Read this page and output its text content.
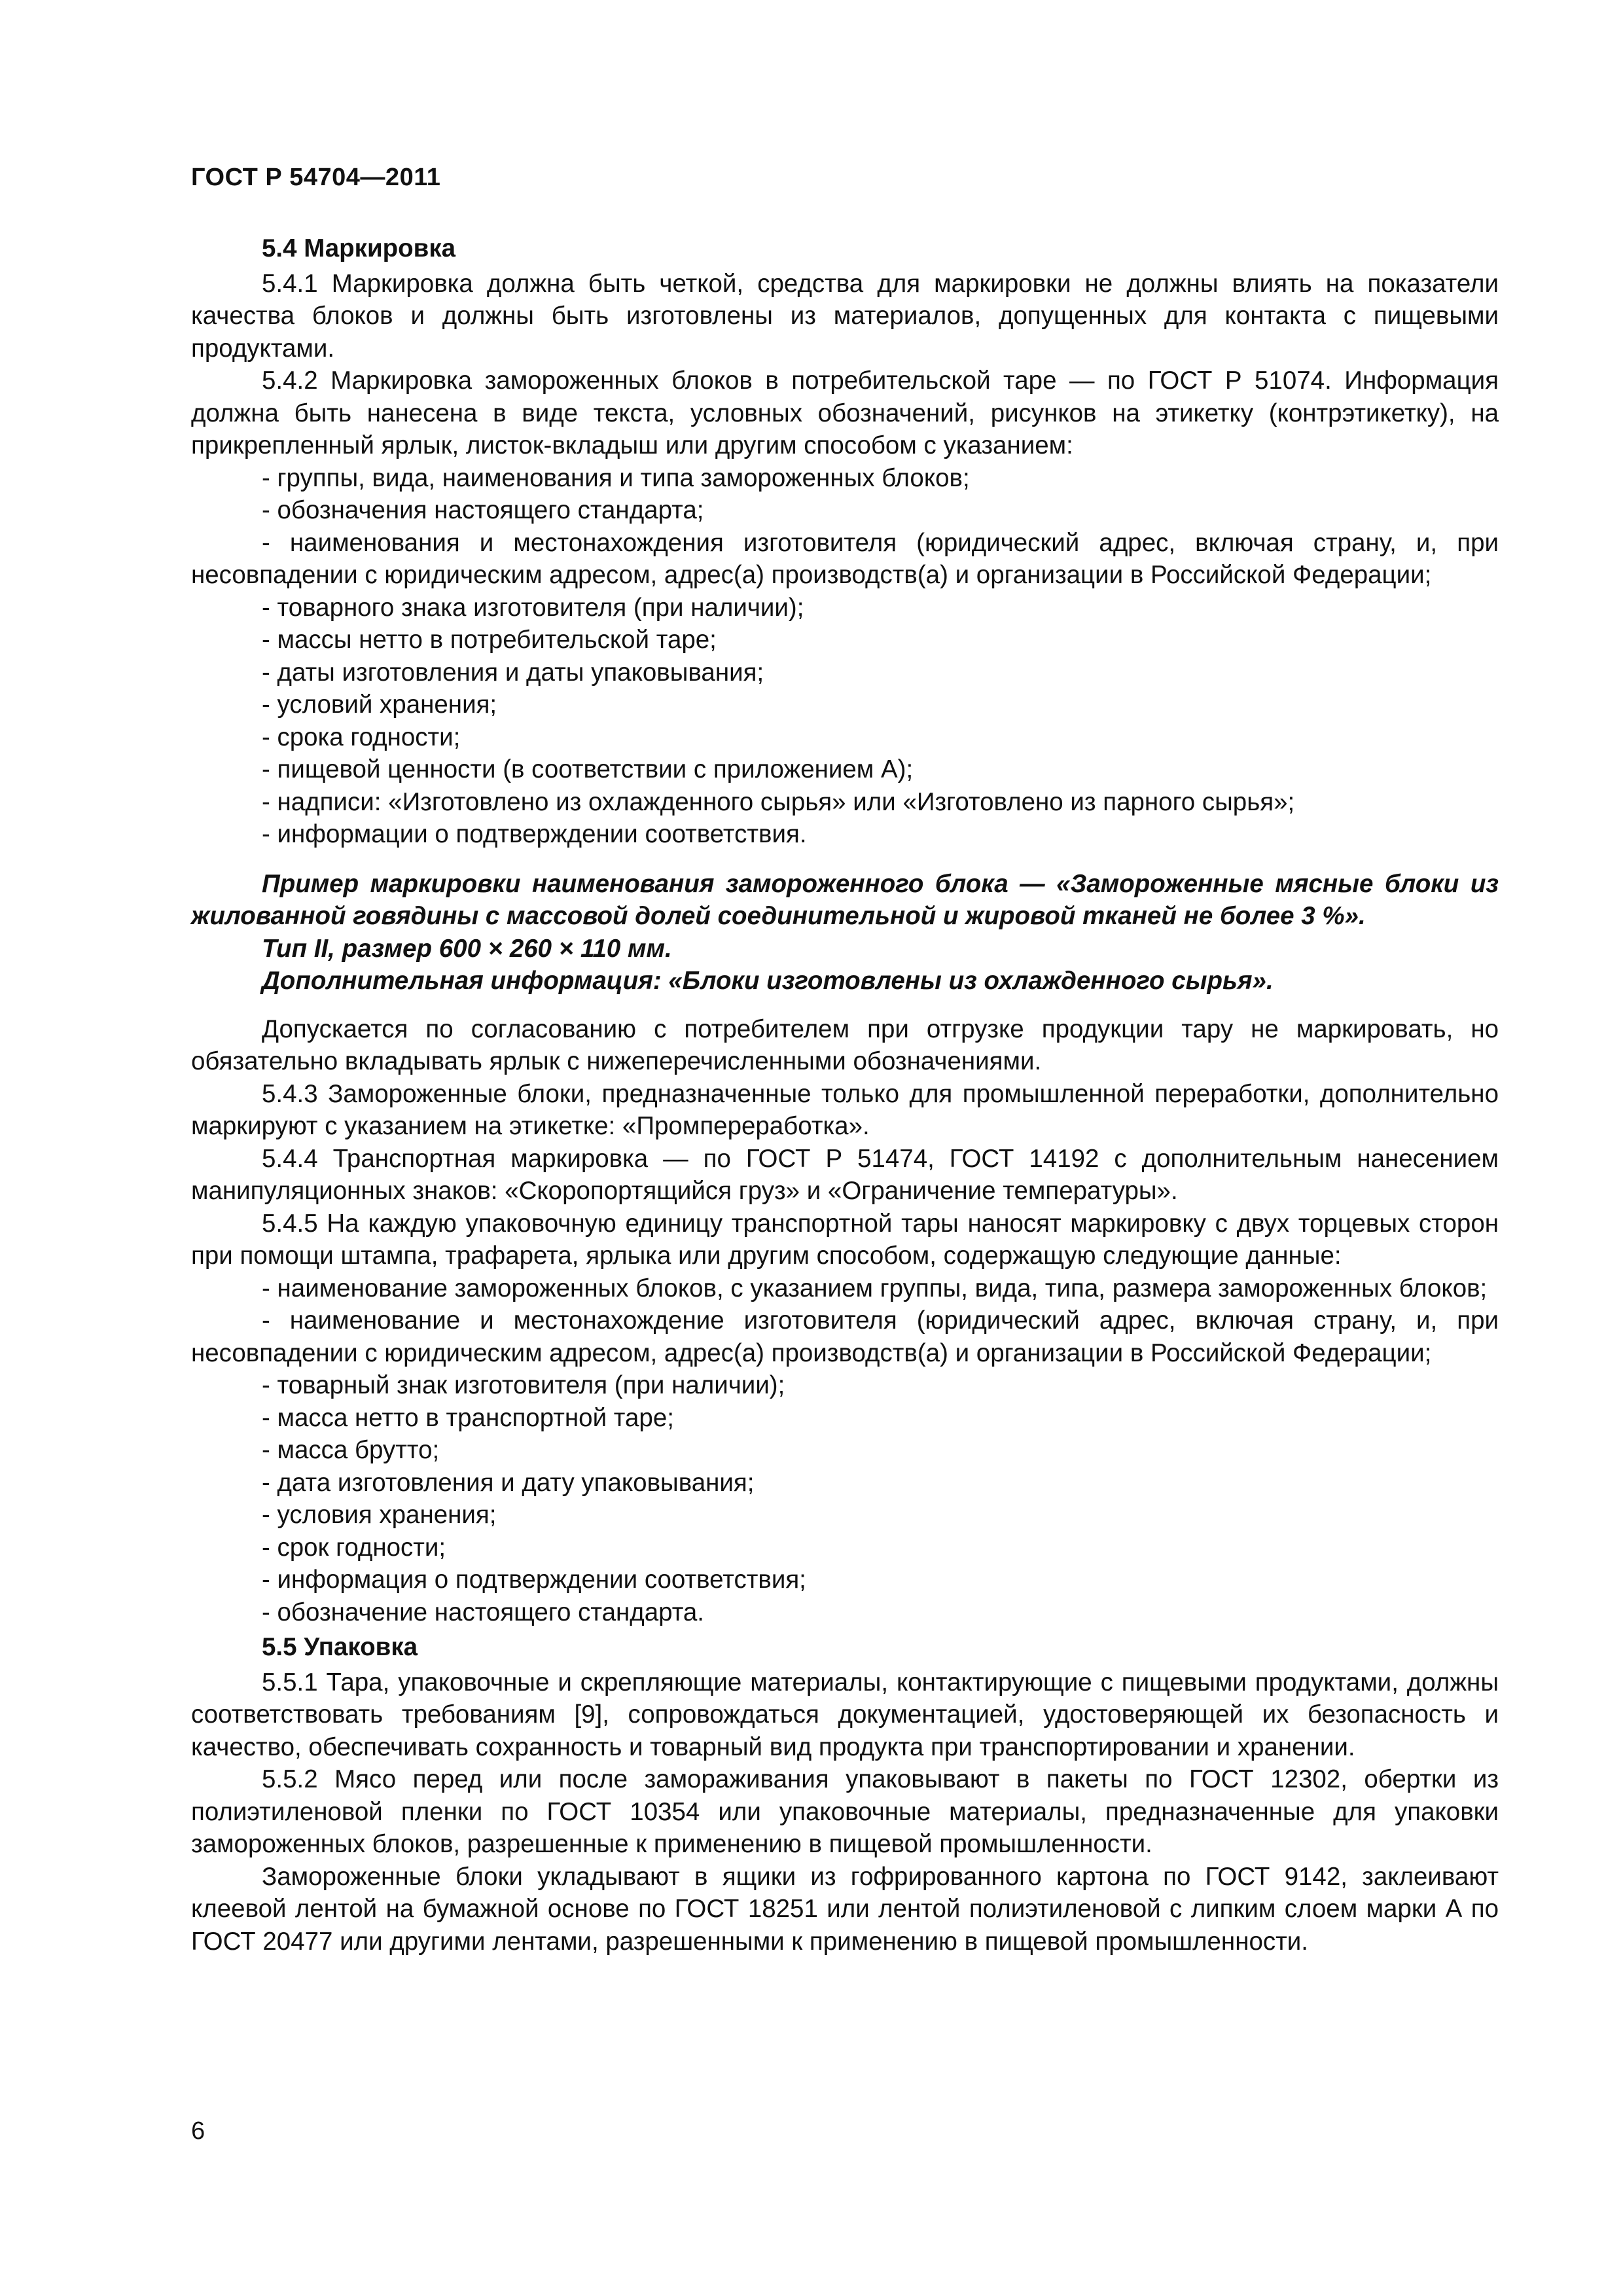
ГОСТ Р 54704—2011

5.4 Маркировка

5.4.1 Маркировка должна быть четкой, средства для маркировки не должны влиять на показатели качества блоков и должны быть изготовлены из материалов, допущенных для контакта с пищевыми продуктами.

5.4.2 Маркировка замороженных блоков в потребительской таре — по ГОСТ Р 51074. Информация должна быть нанесена в виде текста, условных обозначений, рисунков на этикетку (контрэтикетку), на прикрепленный ярлык, листок-вкладыш или другим способом с указанием:

- группы, вида, наименования и типа замороженных блоков;

- обозначения настоящего стандарта;

- наименования и местонахождения изготовителя (юридический адрес, включая страну, и, при несовпадении с юридическим адресом, адрес(а) производств(а) и организации в Российской Федерации;

- товарного знака изготовителя (при наличии);

- массы нетто в потребительской таре;

- даты изготовления и даты упаковывания;

- условий хранения;

- срока годности;

- пищевой ценности (в соответствии с приложением А);

- надписи: «Изготовлено из охлажденного сырья» или «Изготовлено из парного сырья»;

- информации о подтверждении соответствия.

Пример маркировки наименования замороженного блока — «Замороженные мясные блоки из жилованной говядины с массовой долей соединительной и жировой тканей не более 3 %».

Тип II, размер 600 × 260 × 110 мм.

Дополнительная информация: «Блоки изготовлены из охлажденного сырья».

Допускается по согласованию с потребителем при отгрузке продукции тару не маркировать, но обязательно вкладывать ярлык с нижеперечисленными обозначениями.

5.4.3 Замороженные блоки, предназначенные только для промышленной переработки, дополнительно маркируют с указанием на этикетке: «Промпереработка».

5.4.4 Транспортная маркировка — по ГОСТ Р 51474, ГОСТ 14192 с дополнительным нанесением манипуляционных знаков: «Скоропортящийся груз» и «Ограничение температуры».

5.4.5 На каждую упаковочную единицу транспортной тары наносят маркировку с двух торцевых сторон при помощи штампа, трафарета, ярлыка или другим способом, содержащую следующие данные:

- наименование замороженных блоков, с указанием группы, вида, типа, размера замороженных блоков;

- наименование и местонахождение изготовителя (юридический адрес, включая страну, и, при несовпадении с юридическим адресом, адрес(а) производств(а) и организации в Российской Федерации;

- товарный знак изготовителя (при наличии);

- масса нетто в транспортной таре;

- масса брутто;

- дата изготовления и дату упаковывания;

- условия хранения;

- срок годности;

- информация о подтверждении соответствия;

- обозначение настоящего стандарта.

5.5 Упаковка

5.5.1 Тара, упаковочные и скрепляющие материалы, контактирующие с пищевыми продуктами, должны соответствовать требованиям [9], сопровождаться документацией, удостоверяющей их безопасность и качество, обеспечивать сохранность и товарный вид продукта при транспортировании и хранении.

5.5.2 Мясо перед или после замораживания упаковывают в пакеты по ГОСТ 12302, обертки из полиэтиленовой пленки по ГОСТ 10354 или упаковочные материалы, предназначенные для упаковки замороженных блоков, разрешенные к применению в пищевой промышленности.

Замороженные блоки укладывают в ящики из гофрированного картона по ГОСТ 9142, заклеивают клеевой лентой на бумажной основе по ГОСТ 18251 или лентой полиэтиленовой с липким слоем марки А по ГОСТ 20477 или другими лентами, разрешенными к применению в пищевой промышленности.

6
